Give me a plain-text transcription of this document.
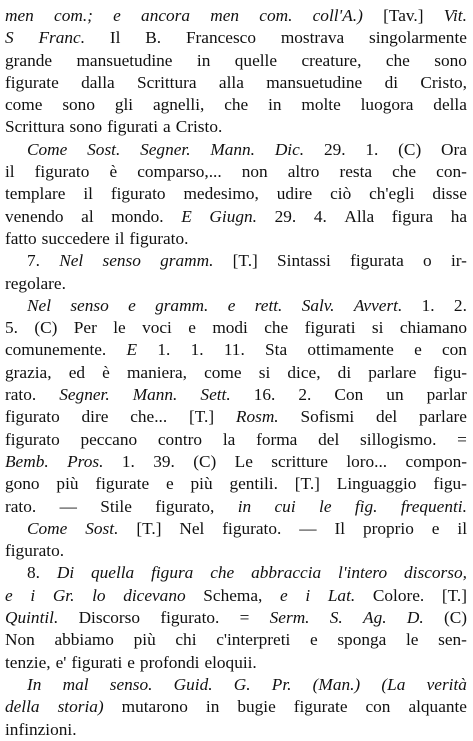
men com.; e ancora men com. coll'A.) [Tav.] Vit.
S Franc. Il B. Francesco mostrava singolarmente
grande mansuetudine in quelle creature, che sono
figurate dalla Scrittura alla mansuetudine di Cristo,
come sono gli agnelli, che in molte luogora della
Scrittura sono figurati a Cristo.
Come Sost. Segner. Mann. Dic. 29. 1. (C) Ora
il figurato è comparso,... non altro resta che con-
templare il figurato medesimo, udire ciò ch'egli disse
venendo al mondo. E Giugn. 29. 4. Alla figura ha
fatto succedere il figurato.
7. Nel senso gramm. [T.] Sintassi figurata o ir-
regolare.
Nel senso e gramm. e rett. Salv. Avvert. 1. 2.
5. (C) Per le voci e modi che figurati si chiamano
comunemente. E 1. 1. 11. Sta ottimamente e con
grazia, ed è maniera, come si dice, di parlare figu-
rato. Segner. Mann. Sett. 16. 2. Con un parlar
figurato dire che... [T.] Rosm. Sofismi del parlare
figurato peccano contro la forma del sillogismo. =
Bemb. Pros. 1. 39. (C) Le scritture loro... compon-
gono più figurate e più gentili. [T.] Linguaggio figu-
rato. — Stile figurato, in cui le fig. frequenti.
Come Sost. [T.] Nel figurato. — Il proprio e il
figurato.
8. Di quella figura che abbraccia l'intero discorso,
e i Gr. lo dicevano Schema, e i Lat. Colore. [T.]
Quintil. Discorso figurato. = Serm. S. Ag. D. (C)
Non abbiamo più chi c'interpreti e sponga le sen-
tenzie, e' figurati e profondi eloquii.
In mal senso. Guid. G. Pr. (Man.) (La verità
della storia) mutarono in bugie figurate con alquante
infinzioni.
